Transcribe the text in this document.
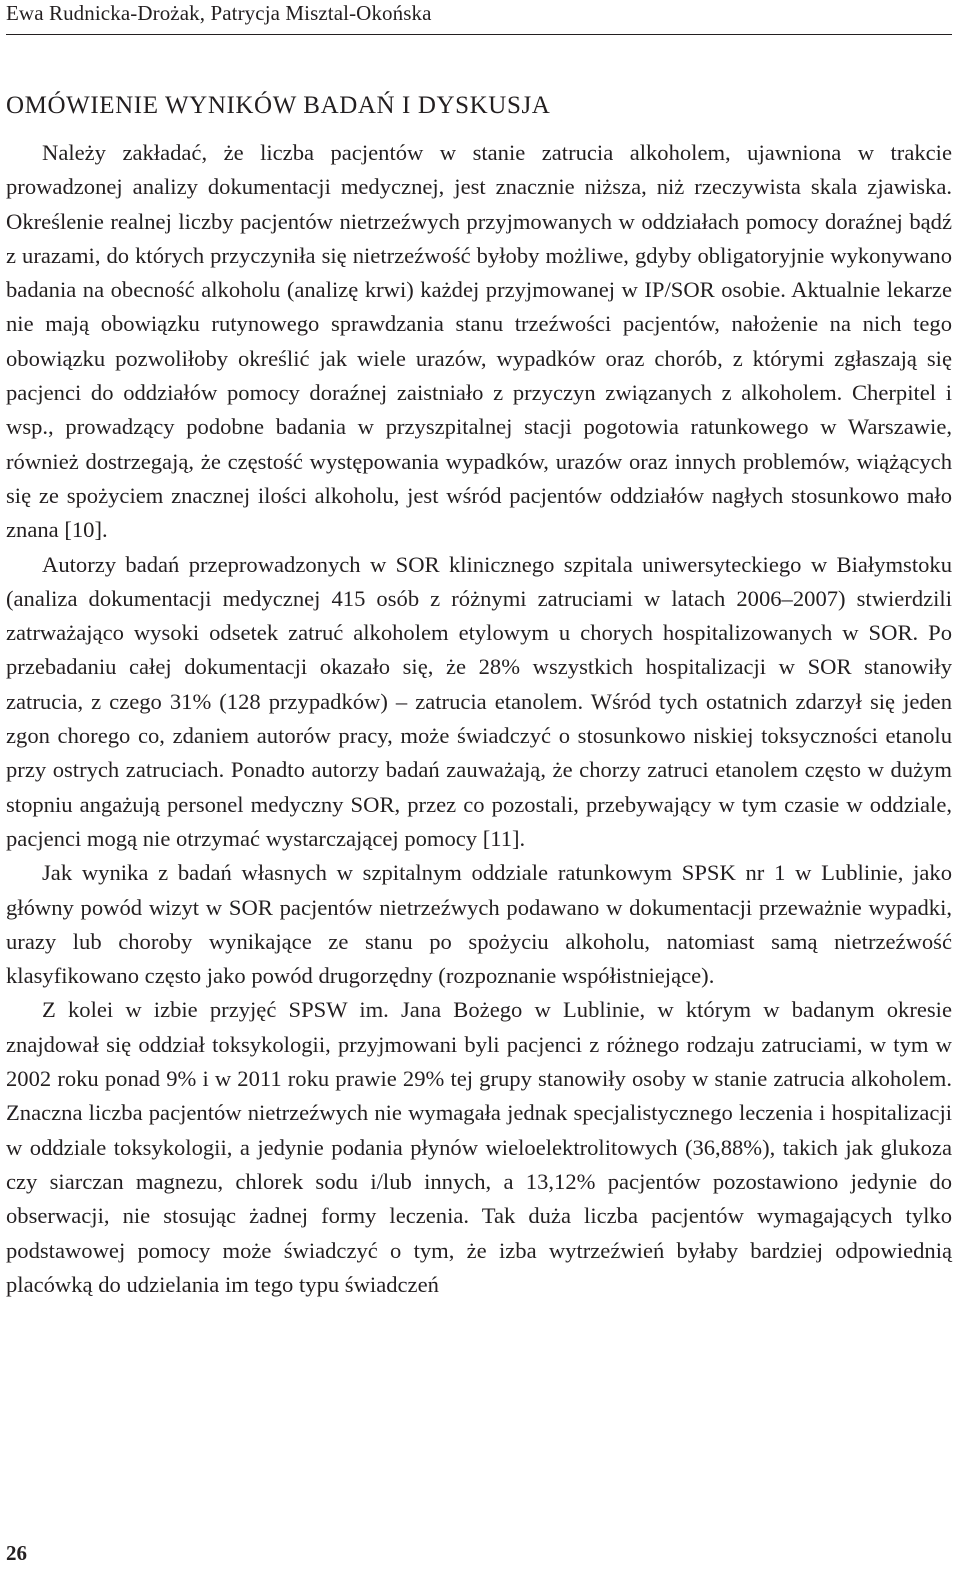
Ewa Rudnicka-Drożak, Patrycja Misztal-Okońska
OMÓWIENIE WYNIKÓW BADAŃ I DYSKUSJA

Należy zakładać, że liczba pacjentów w stanie zatrucia alkoholem, ujawniona w trakcie prowadzonej analizy dokumentacji medycznej, jest znacznie niższa, niż rzeczywista skala zjawiska. Określenie realnej liczby pacjentów nietrzeźwych przyjmowanych w oddziałach pomocy doraźnej bądź z urazami, do których przyczyniła się nietrzeźwość byłoby możliwe, gdyby obligatoryjnie wykonywano badania na obecność alkoholu (analizę krwi) każdej przyjmowanej w IP/SOR osobie. Aktualnie lekarze nie mają obowiązku rutynowego sprawdzania stanu trzeźwości pacjentów, nałożenie na nich tego obowiązku pozwoliłoby określić jak wiele urazów, wypadków oraz chorób, z którymi zgłaszają się pacjenci do oddziałów pomocy doraźnej zaistniało z przyczyn związanych z alkoholem. Cherpitel i wsp., prowadzący podobne badania w przyszpitalnej stacji pogotowia ratunkowego w Warszawie, również dostrzegają, że częstość występowania wypadków, urazów oraz innych problemów, wiążących się ze spożyciem znacznej ilości alkoholu, jest wśród pacjentów oddziałów nagłych stosunkowo mało znana [10].

Autorzy badań przeprowadzonych w SOR klinicznego szpitala uniwersyteckiego w Białymstoku (analiza dokumentacji medycznej 415 osób z różnymi zatruciami w latach 2006–2007) stwierdzili zatrważająco wysoki odsetek zatruć alkoholem etylowym u chorych hospitalizowanych w SOR. Po przebadaniu całej dokumentacji okazało się, że 28% wszystkich hospitalizacji w SOR stanowiły zatrucia, z czego 31% (128 przypadków) – zatrucia etanolem. Wśród tych ostatnich zdarzył się jeden zgon chorego co, zdaniem autorów pracy, może świadczyć o stosunkowo niskiej toksyczności etanolu przy ostrych zatruciach. Ponadto autorzy badań zauważają, że chorzy zatruci etanolem często w dużym stopniu angażują personel medyczny SOR, przez co pozostali, przebywający w tym czasie w oddziale, pacjenci mogą nie otrzymać wystarczającej pomocy [11].

Jak wynika z badań własnych w szpitalnym oddziale ratunkowym SPSK nr 1 w Lublinie, jako główny powód wizyt w SOR pacjentów nietrzeźwych podawano w dokumentacji przeważnie wypadki, urazy lub choroby wynikające ze stanu po spożyciu alkoholu, natomiast samą nietrzeźwość klasyfikowano często jako powód drugorzędny (rozpoznanie współistniejące).

Z kolei w izbie przyjęć SPSW im. Jana Bożego w Lublinie, w którym w badanym okresie znajdował się oddział toksykologii, przyjmowani byli pacjenci z różnego rodzaju zatruciami, w tym w 2002 roku ponad 9% i w 2011 roku prawie 29% tej grupy stanowiły osoby w stanie zatrucia alkoholem. Znaczna liczba pacjentów nietrzeźwych nie wymagała jednak specjalistycznego leczenia i hospitalizacji w oddziale toksykologii, a jedynie podania płynów wieloelektrolitowych (36,88%), takich jak glukoza czy siarczan magnezu, chlorek sodu i/lub innych, a 13,12% pacjentów pozostawiono jedynie do obserwacji, nie stosując żadnej formy leczenia. Tak duża liczba pacjentów wymagających tylko podstawowej pomocy może świadczyć o tym, że izba wytrzeźwień byłaby bardziej odpowiednią placówką do udzielania im tego typu świadczeń

26
